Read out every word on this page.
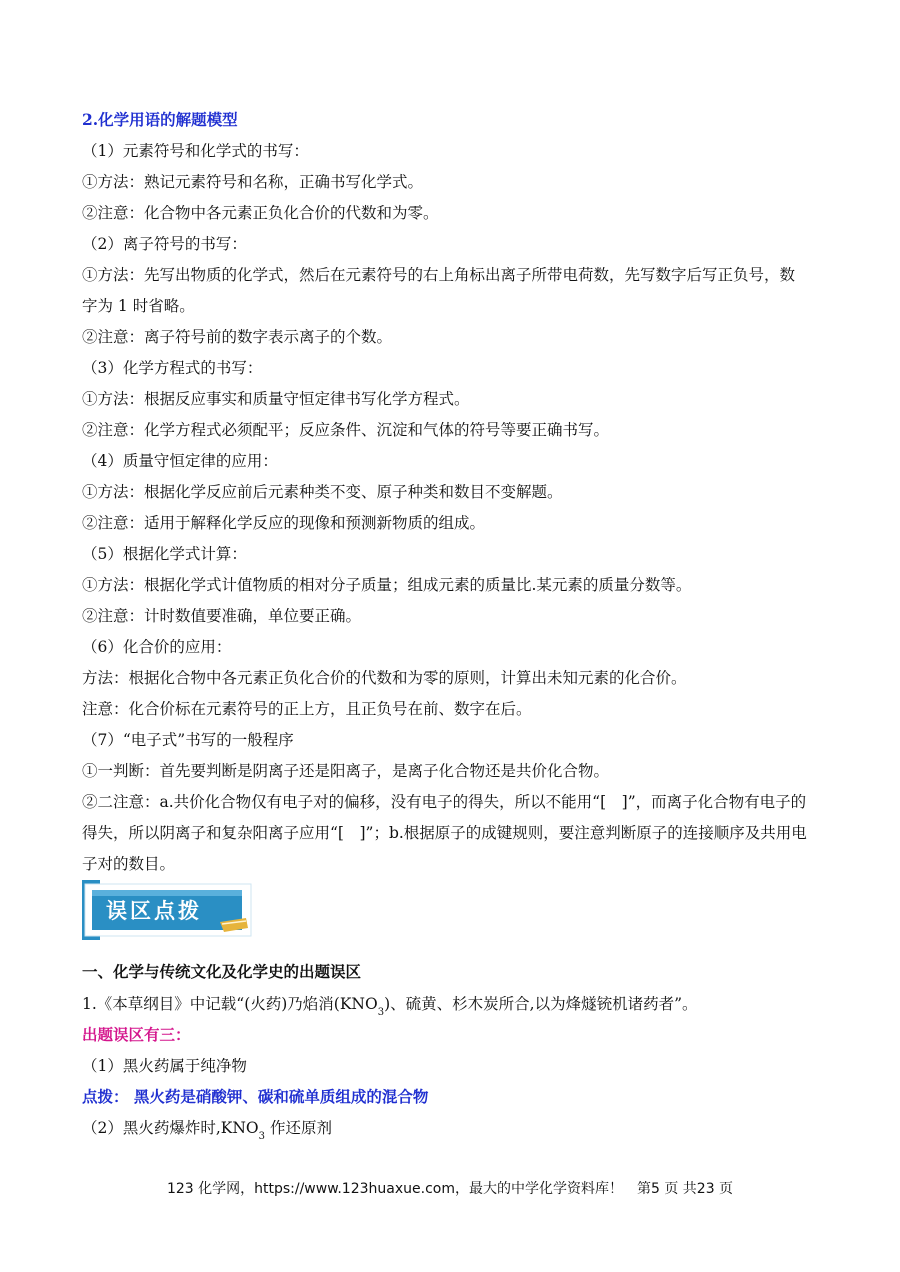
2.化学用语的解题模型
（1）元素符号和化学式的书写：
①方法：熟记元素符号和名称，正确书写化学式。
②注意：化合物中各元素正负化合价的代数和为零。
（2）离子符号的书写：
①方法：先写出物质的化学式，然后在元素符号的右上角标出离子所带电荷数，先写数字后写正负号，数
字为 1 时省略。
②注意：离子符号前的数字表示离子的个数。
（3）化学方程式的书写：
①方法：根据反应事实和质量守恒定律书写化学方程式。
②注意：化学方程式必须配平；反应条件、沉淀和气体的符号等要正确书写。
（4）质量守恒定律的应用：
①方法：根据化学反应前后元素种类不变、原子种类和数目不变解题。
②注意：适用于解释化学反应的现像和预测新物质的组成。
（5）根据化学式计算：
①方法：根据化学式计值物质的相对分子质量；组成元素的质量比.某元素的质量分数等。
②注意：计时数值要准确，单位要正确。
（6）化合价的应用：
方法：根据化合物中各元素正负化合价的代数和为零的原则，计算出未知元素的化合价。
注意：化合价标在元素符号的正上方，且正负号在前、数字在后。
（7）“电子式”书写的一般程序
①一判断：首先要判断是阴离子还是阳离子，是离子化合物还是共价化合物。
②二注意：a.共价化合物仅有电子对的偏移，没有电子的得失，所以不能用“[　]”，而离子化合物有电子的
得失，所以阴离子和复杂阳离子应用“[　]”；b.根据原子的成键规则，要注意判断原子的连接顺序及共用电
子对的数目。
误区点拨
一、化学与传统文化及化学史的出题误区
1.《本草纲目》中记载“(火药)乃焰消$(KNO_3)$、硫黄、杉木炭所合,以为烽燧铳机诸药者”。
出题误区有三：
（1）黑火药属于纯净物
点拨： 黑火药是硝酸钾、碳和硫单质组成的混合物
（2）黑火药爆炸时$,KNO_3$ 作还原剂
123 化学网，https://www.123huaxue.com，最大的中学化学资料库！　第5 页 共23 页
